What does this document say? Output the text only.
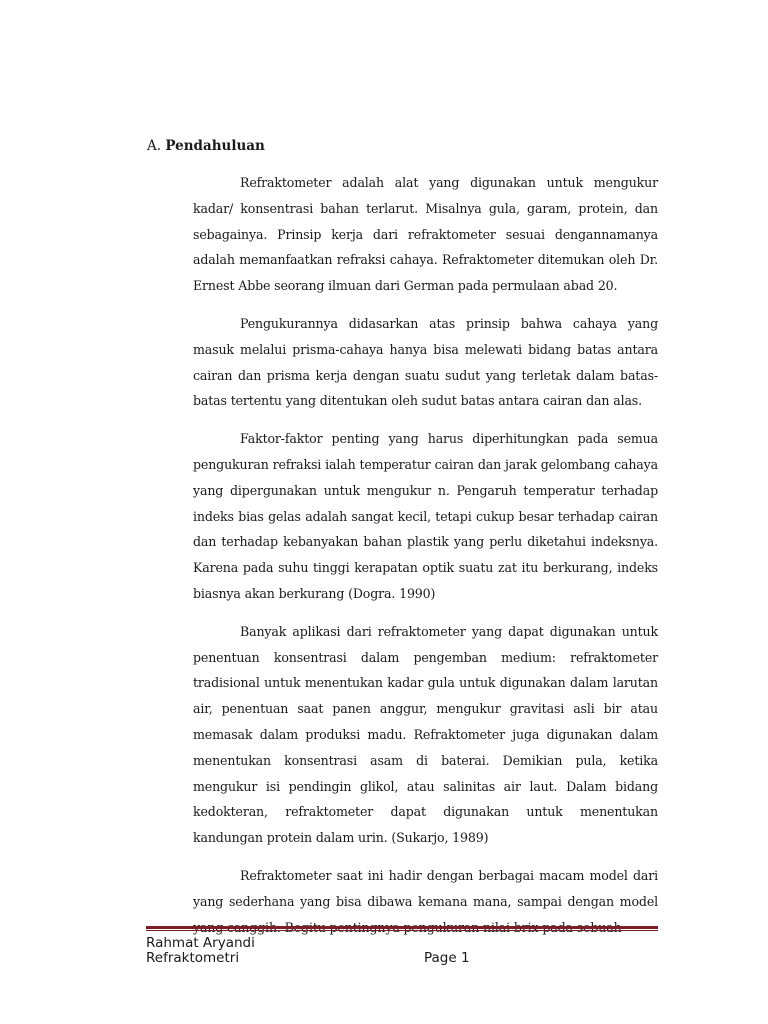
A. Pendahuluan

Refraktometer adalah alat yang digunakan untuk mengukur kadar/ konsentrasi bahan terlarut. Misalnya gula, garam, protein, dan sebagainya. Prinsip kerja dari refraktometer sesuai dengannamanya adalah memanfaatkan refraksi cahaya. Refraktometer ditemukan oleh Dr. Ernest Abbe seorang ilmuan dari German pada permulaan abad 20.

Pengukurannya didasarkan atas prinsip bahwa cahaya yang masuk melalui prisma-cahaya hanya bisa melewati bidang batas antara cairan dan prisma kerja dengan suatu sudut yang terletak dalam batas-batas tertentu yang ditentukan oleh sudut batas antara cairan dan alas.

Faktor-faktor penting yang harus diperhitungkan pada semua pengukuran refraksi ialah temperatur cairan dan jarak gelombang cahaya yang dipergunakan untuk mengukur n. Pengaruh temperatur terhadap indeks bias gelas adalah sangat kecil, tetapi cukup besar terhadap cairan dan terhadap kebanyakan bahan plastik yang perlu diketahui indeksnya. Karena pada suhu tinggi kerapatan optik suatu zat itu berkurang, indeks biasnya akan berkurang (Dogra. 1990)

Banyak aplikasi dari refraktometer yang dapat digunakan untuk penentuan konsentrasi dalam pengemban medium: refraktometer tradisional untuk menentukan kadar gula untuk digunakan dalam larutan air, penentuan saat panen anggur, mengukur gravitasi asli bir atau memasak dalam produksi madu. Refraktometer juga digunakan dalam menentukan konsentrasi asam di baterai. Demikian pula, ketika mengukur isi pendingin glikol, atau salinitas air laut. Dalam bidang kedokteran, refraktometer dapat digunakan untuk menentukan kandungan protein dalam urin. (Sukarjo, 1989)

Refraktometer saat ini hadir dengan berbagai macam model dari yang sederhana yang bisa dibawa kemana mana, sampai dengan model

Rahmat Aryandi
Refraktometri	Page 1
